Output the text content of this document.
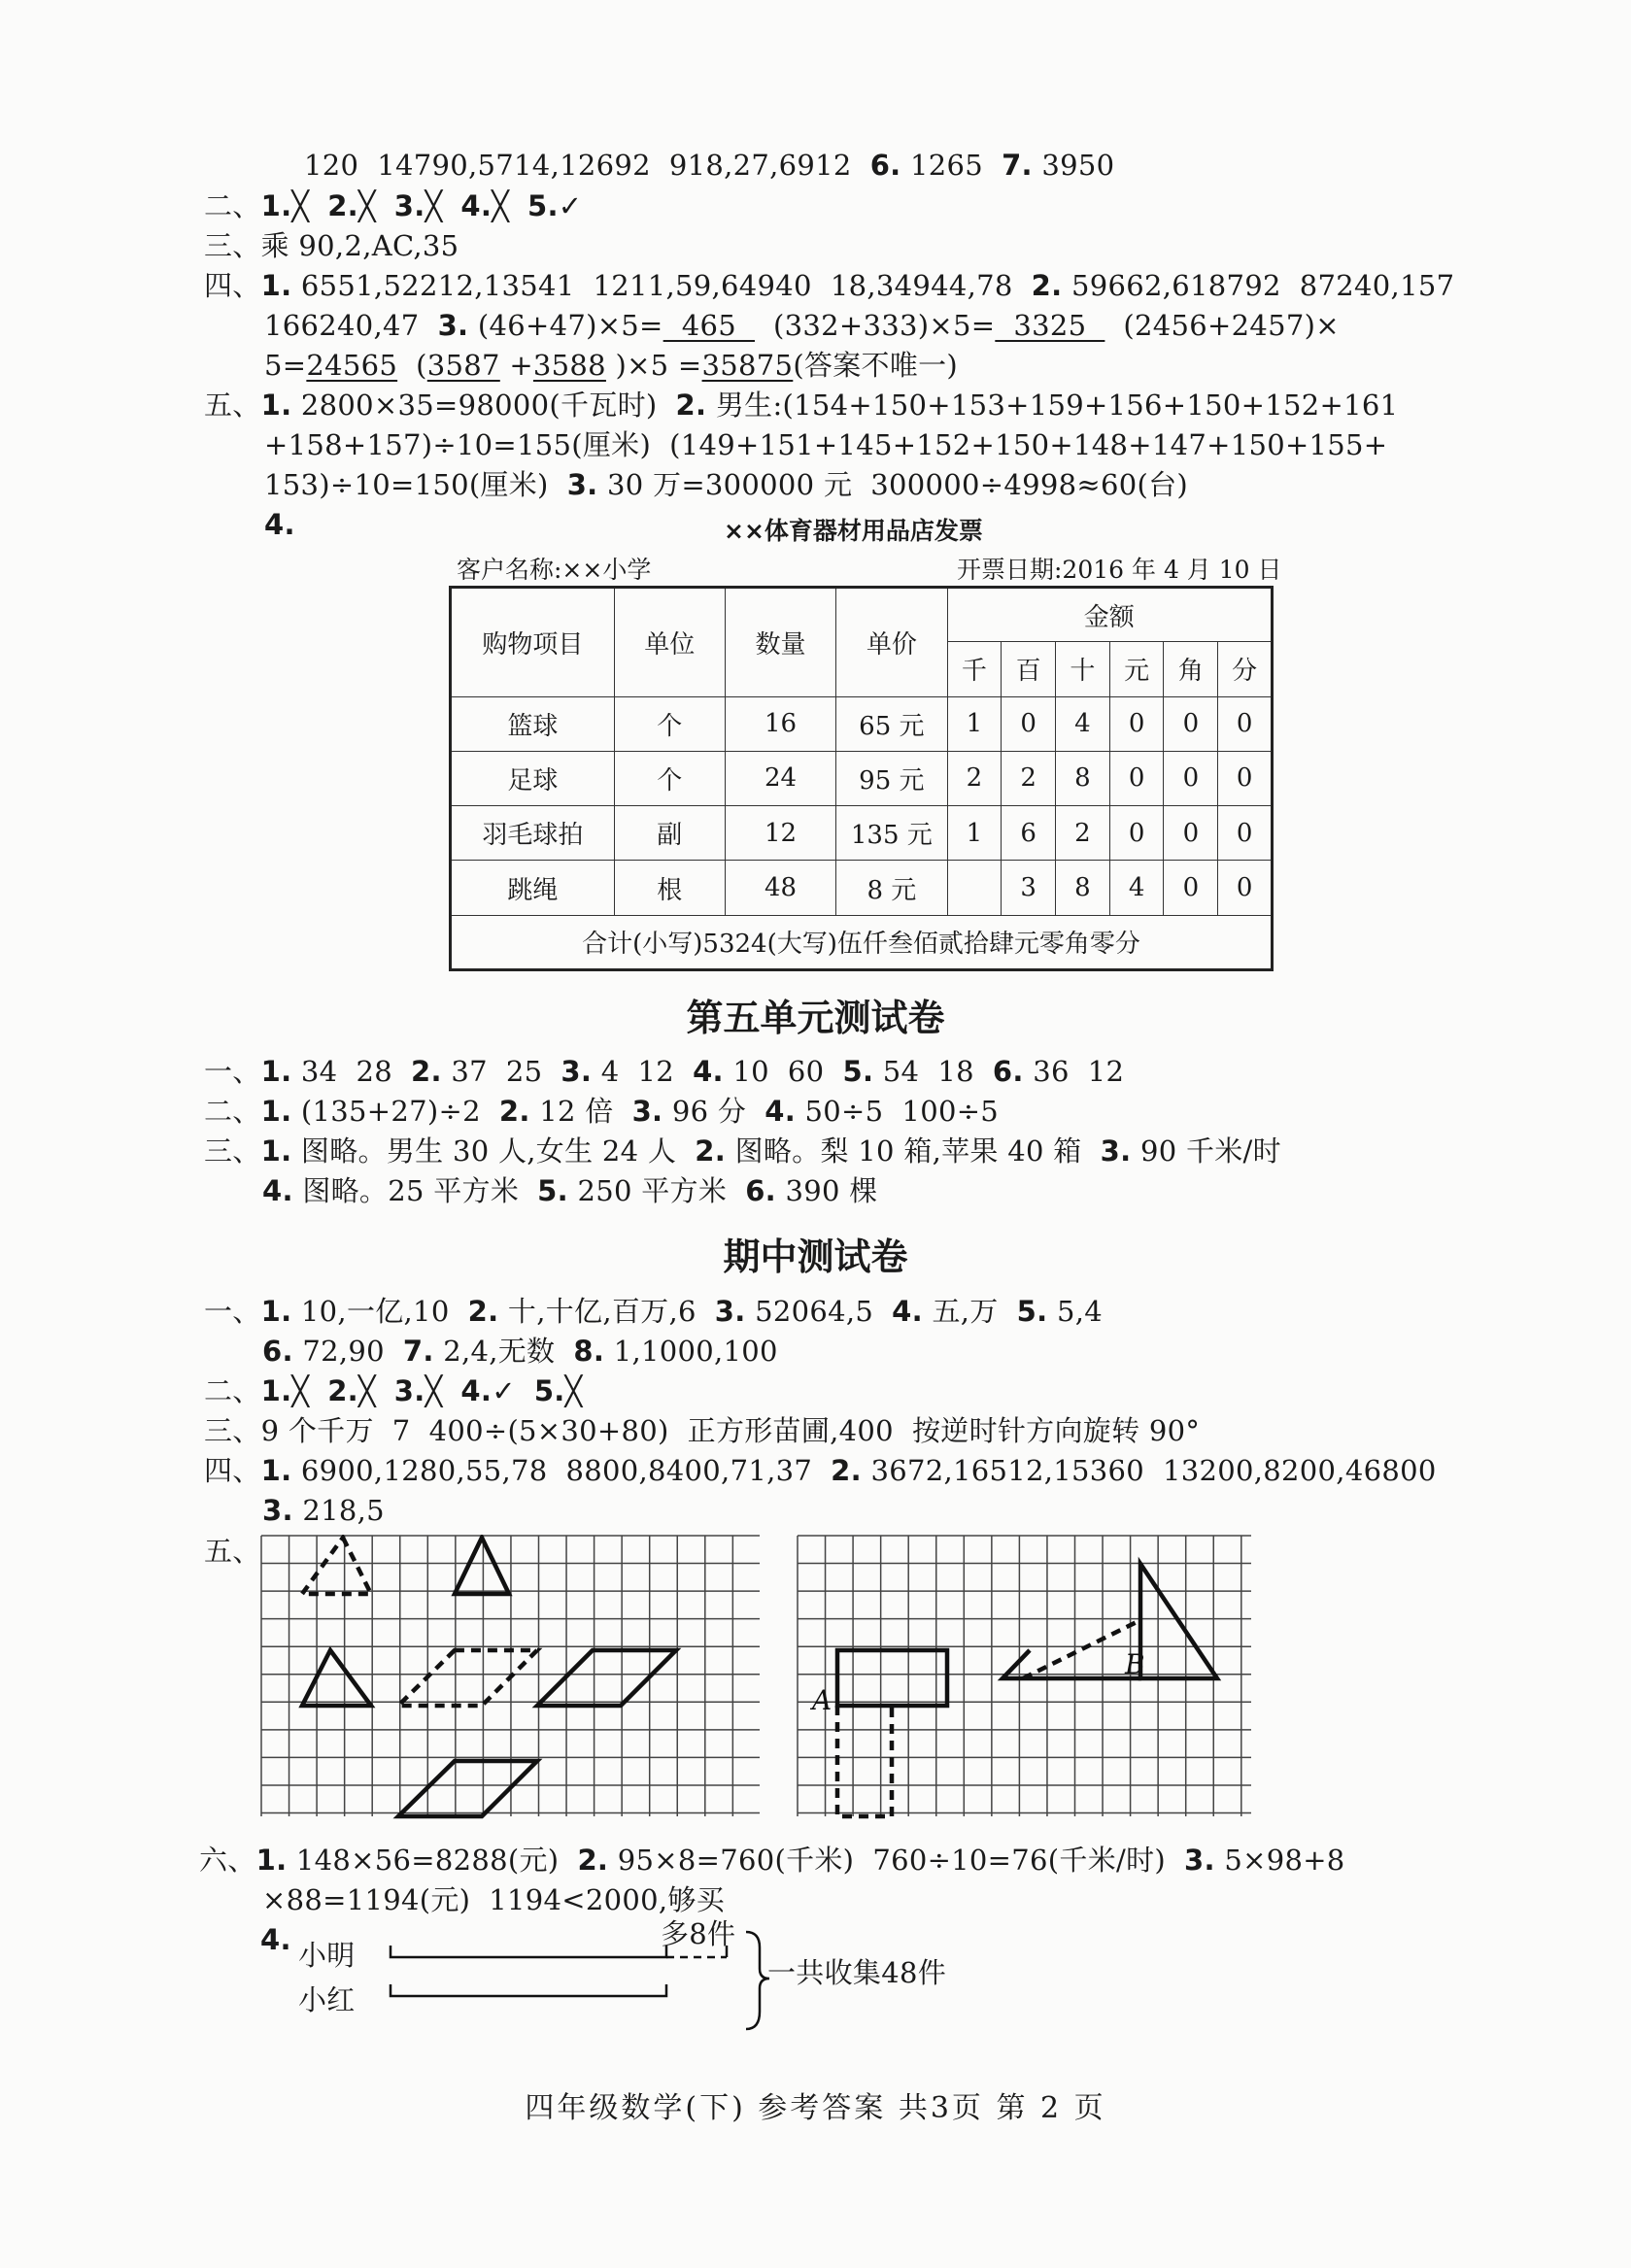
120  14790,5714,12692  918,27,6912  6. 1265  7. 3950
二、1.╳  2.╳  3.╳  4.╳  5.✓
三、乘 90,2,AC,35
四、1. 6551,52212,13541  1211,59,64940  18,34944,78  2. 59662,618792  87240,157
166240,47  3. (46+47)×5=  465    (332+333)×5=  3325    (2456+2457)×
5=24565  (3587 +3588 )×5 =35875(答案不唯一)
五、1. 2800×35=98000(千瓦时)  2. 男生:(154+150+153+159+156+150+152+161
+158+157)÷10=155(厘米)  (149+151+145+152+150+148+147+150+155+
153)÷10=150(厘米)  3. 30 万=300000 元  300000÷4998≈60(台)
4.	××体育器材用品店发票
客户名称:××小学	开票日期:2016 年 4 月 10 日
购物项目	单位	数量	单价	金额					
				千	百	十	元	角	分
篮球	个	16	65 元	1	0	4	0	0	0
足球	个	24	95 元	2	2	8	0	0	0
羽毛球拍	副	12	135 元	1	6	2	0	0	0
跳绳	根	48	8 元		3	8	4	0	0
合计(小写)5324(大写)伍仟叁佰贰拾肆元零角零分									
第五单元测试卷
一、1. 34  28  2. 37  25  3. 4  12  4. 10  60  5. 54  18  6. 36  12
二、1. (135+27)÷2  2. 12 倍  3. 96 分  4. 50÷5  100÷5
三、1. 图略。男生 30 人,女生 24 人  2. 图略。梨 10 箱,苹果 40 箱  3. 90 千米/时
4. 图略。25 平方米  5. 250 平方米  6. 390 棵
期中测试卷
一、1. 10,一亿,10  2. 十,十亿,百万,6  3. 52064,5  4. 五,万  5. 5,4
6. 72,90  7. 2,4,无数  8. 1,1000,100
二、1.╳  2.╳  3.╳  4.✓  5.╳
三、9 个千万  7  400÷(5×30+80)  正方形苗圃,400  按逆时针方向旋转 90°
四、1. 6900,1280,55,78  8800,8400,71,37  2. 3672,16512,15360  13200,8200,46800
3. 218,5
五、
A
B
六、1. 148×56=8288(元)  2. 95×8=760(千米)  760÷10=76(千米/时)  3. 5×98+8
×88=1194(元)  1194<2000,够买
4. 小明
小红
多8件
一共收集48件
四年级数学(下) 参考答案 共3页 第 2 页
